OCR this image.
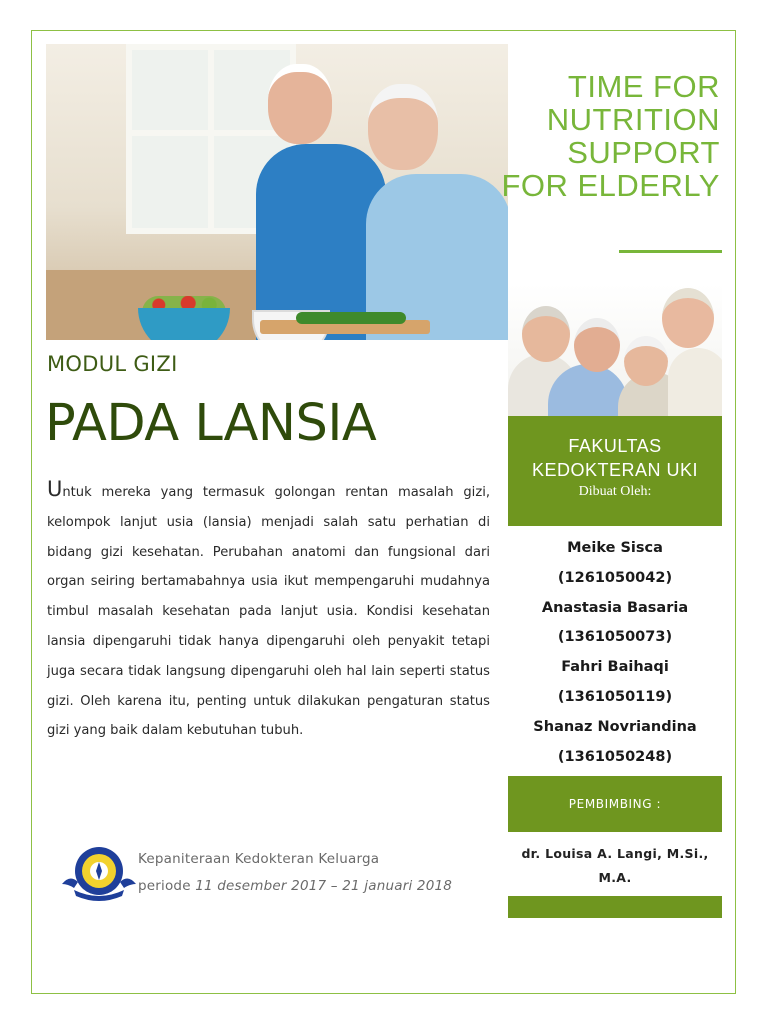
TIME FOR
NUTRITION
SUPPORT
FOR ELDERLY
FAKULTAS
KEDOKTERAN UKI
Dibuat Oleh:
Meike Sisca
(1261050042)
Anastasia Basaria
(1361050073)
Fahri Baihaqi
(1361050119)
Shanaz Novriandina
(1361050248)
PEMBIMBING :
dr. Louisa A. Langi, M.Si.,
M.A.
MODUL GIZI
PADA LANSIA
Untuk mereka yang termasuk golongan rentan masalah gizi, kelompok lanjut usia (lansia) menjadi salah satu perhatian di bidang gizi kesehatan. Perubahan anatomi dan fungsional dari organ seiring bertamabahnya usia ikut mempengaruhi mudahnya timbul masalah kesehatan pada lanjut usia. Kondisi kesehatan lansia dipengaruhi tidak hanya dipengaruhi oleh penyakit tetapi juga secara tidak langsung dipengaruhi oleh hal lain seperti status gizi. Oleh karena itu, penting untuk dilakukan pengaturan status gizi yang baik dalam kebutuhan tubuh.
Kepaniteraan Kedokteran Keluarga
periode 11 desember 2017 – 21 januari 2018
